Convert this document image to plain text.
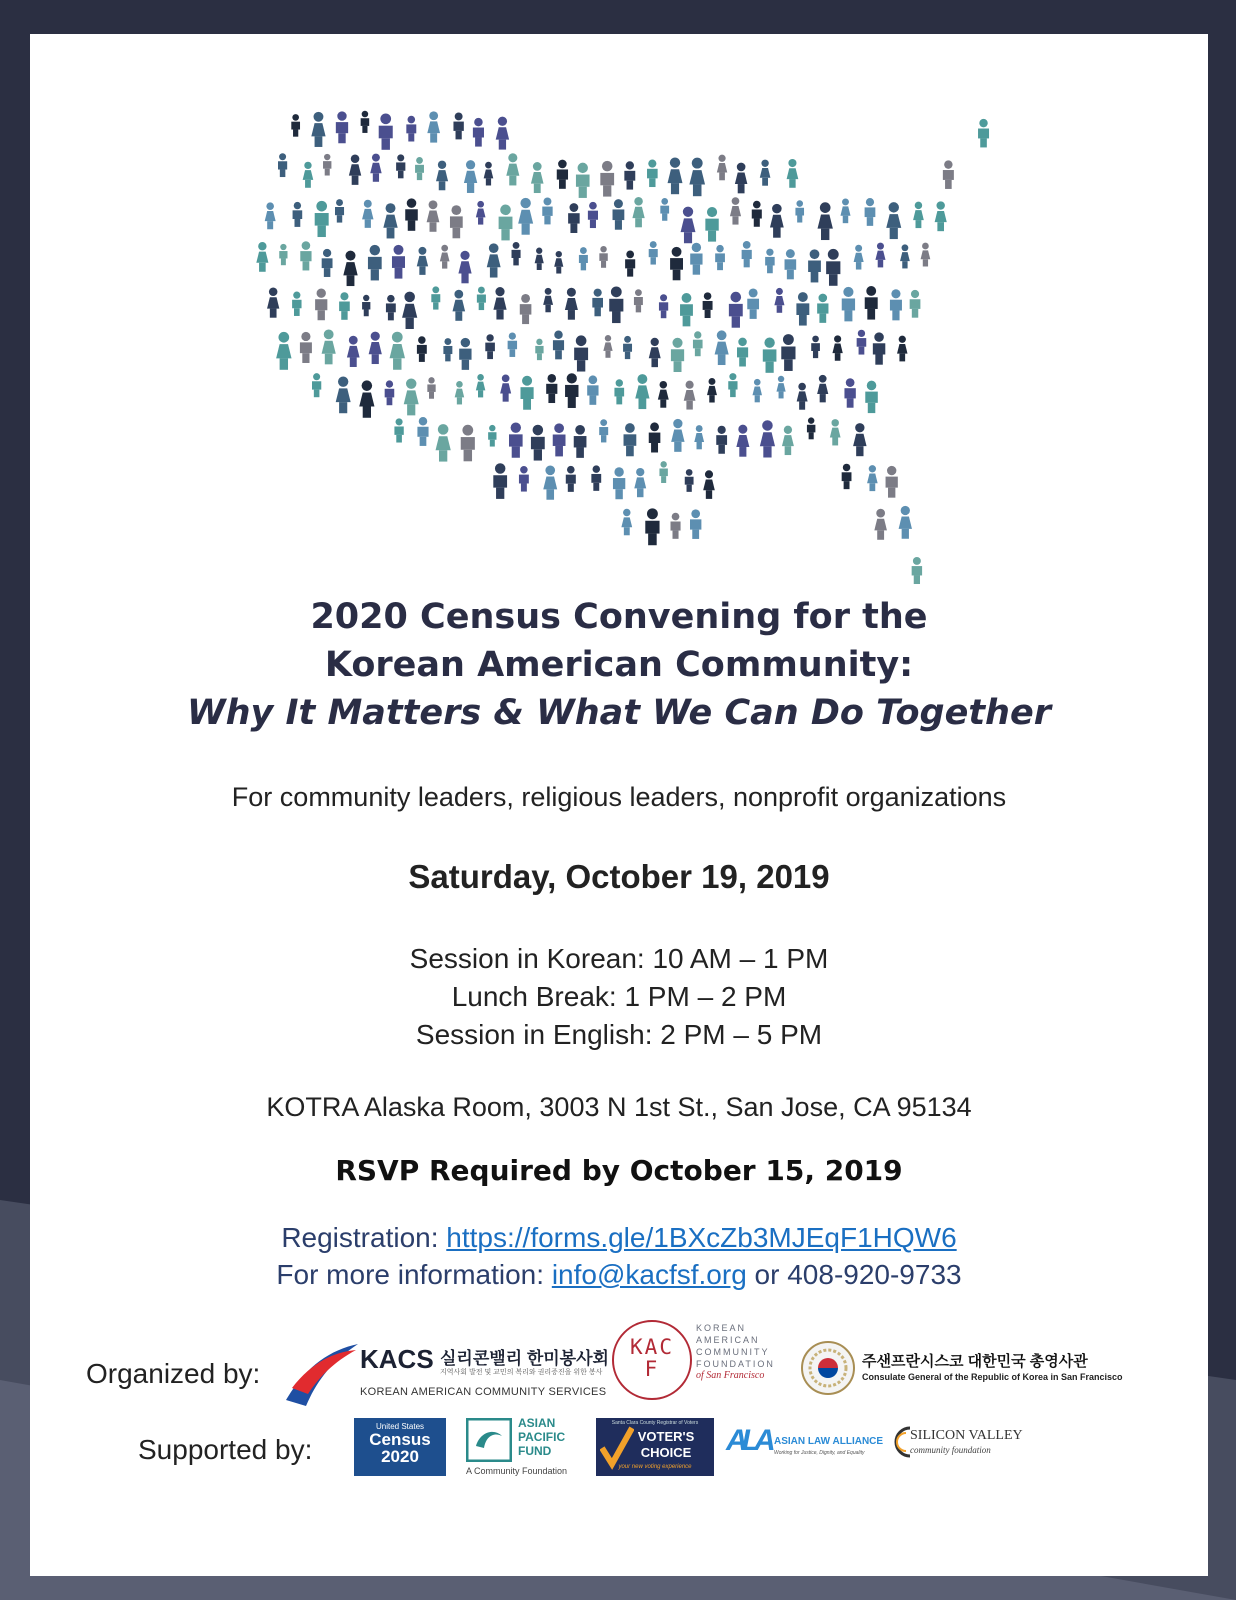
2020 Census Convening for the
Korean American Community:
Why It Matters & What We Can Do Together
For community leaders, religious leaders, nonprofit organizations
Saturday, October 19, 2019
Session in Korean: 10 AM – 1 PM
Lunch Break: 1 PM – 2 PM
Session in English: 2 PM – 5 PM
KOTRA Alaska Room, 3003 N 1st St., San Jose, CA 95134
RSVP Required by October 15, 2019
Registration: https://forms.gle/1BXcZb3MJEqF1HQW6
For more information: info@kacfsf.org or 408-920-9733
Organized by:	KACS 실리콘밸리 한미봉사회
지역사회 발전 및 교민의 복리와 권리증진을 위한 봉사
KOREAN AMERICAN COMMUNITY SERVICES
KACF
KOREAN
AMERICAN
COMMUNITY
FOUNDATION
of San Francisco
주샌프란시스코 대한민국 총영사관
Consulate General of the Republic of Korea in San Francisco
Supported by:
United States
Census
2020
ASIAN
PACIFIC
FUND
A Community Foundation
Santa Clara County Registrar of Voters
VOTER'S
CHOICE
your new voting experience
ALA ASIAN LAW ALLIANCE
Working for Justice, Dignity, and Equality
SILICON VALLEY
community foundation
